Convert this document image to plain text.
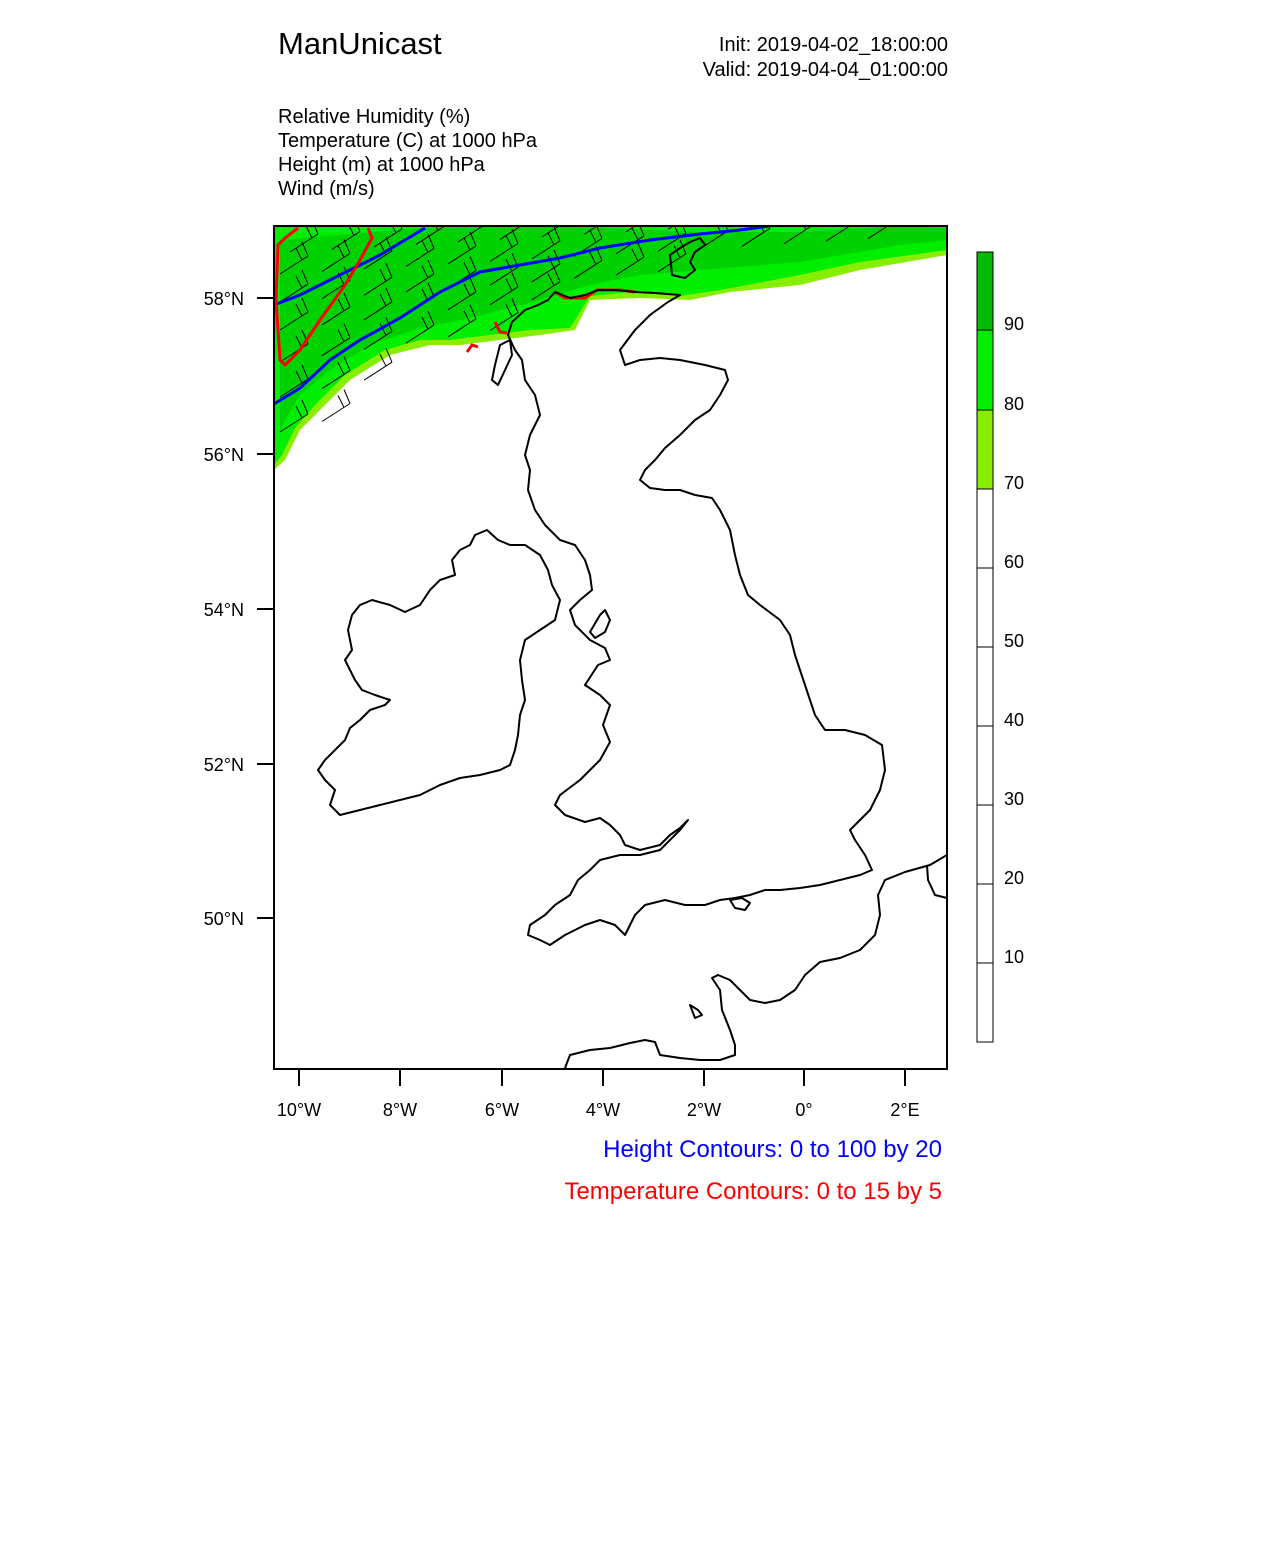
ManUnicast	Init: 2019-04-02_18:00:00
Valid: 2019-04-04_01:00:00
Relative Humidity (%)
Temperature (C) at 1000 hPa
Height (m) at 1000 hPa
Wind (m/s)
58°N
56°N
54°N
52°N
50°N
10°W	8°W	6°W	4°W	2°W	0°	2°E
90
80
70
60
50
40
30
20
10
Height Contours: 0 to 100 by 20
Temperature Contours: 0 to 15 by 5
